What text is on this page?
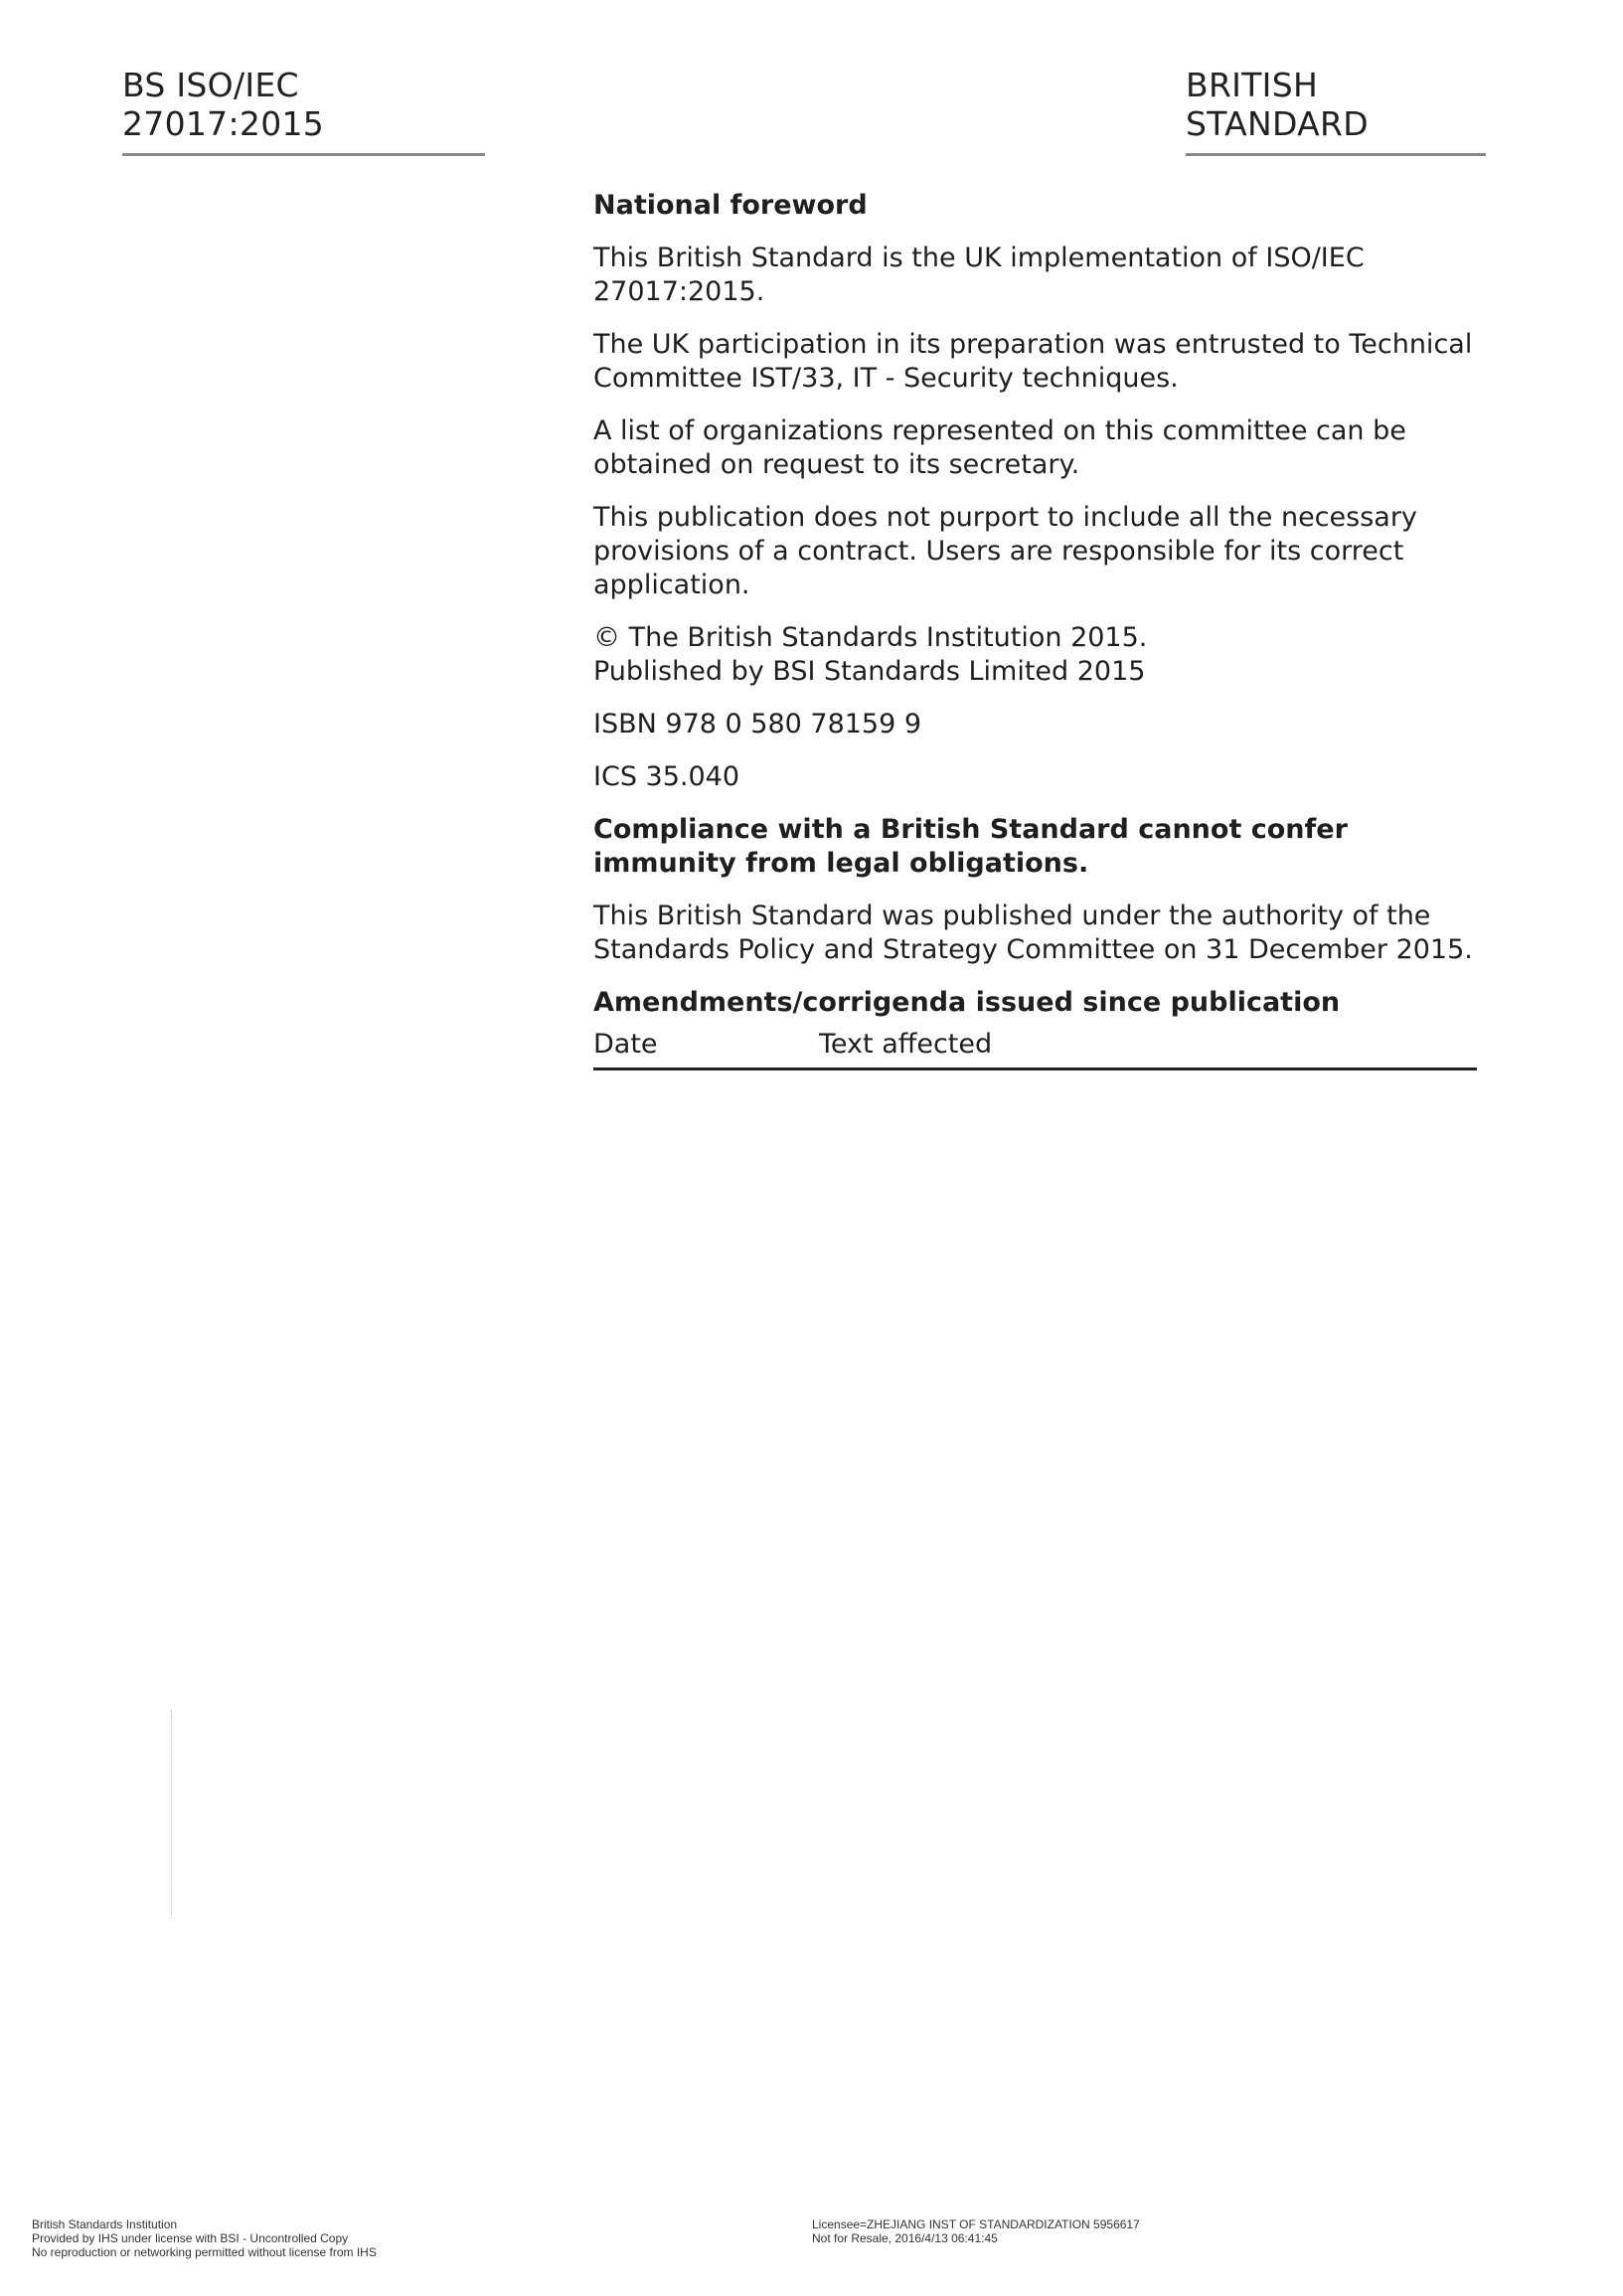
BS ISO/IEC 27017:2015
BRITISH STANDARD
National foreword

This British Standard is the UK implementation of ISO/IEC 27017:2015.

The UK participation in its preparation was entrusted to Technical Committee IST/33, IT - Security techniques.

A list of organizations represented on this committee can be obtained on request to its secretary.

This publication does not purport to include all the necessary provisions of a contract. Users are responsible for its correct application.

© The British Standards Institution 2015.
Published by BSI Standards Limited 2015

ISBN 978 0 580 78159 9

ICS 35.040

Compliance with a British Standard cannot confer immunity from legal obligations.

This British Standard was published under the authority of the Standards Policy and Strategy Committee on 31 December 2015.

Amendments/corrigenda issued since publication
Date	Text affected
British Standards Institution
Provided by IHS under license with BSI - Uncontrolled Copy
No reproduction or networking permitted without license from IHS
Licensee=ZHEJIANG INST OF STANDARDIZATION 5956617
Not for Resale, 2016/4/13 06:41:45
